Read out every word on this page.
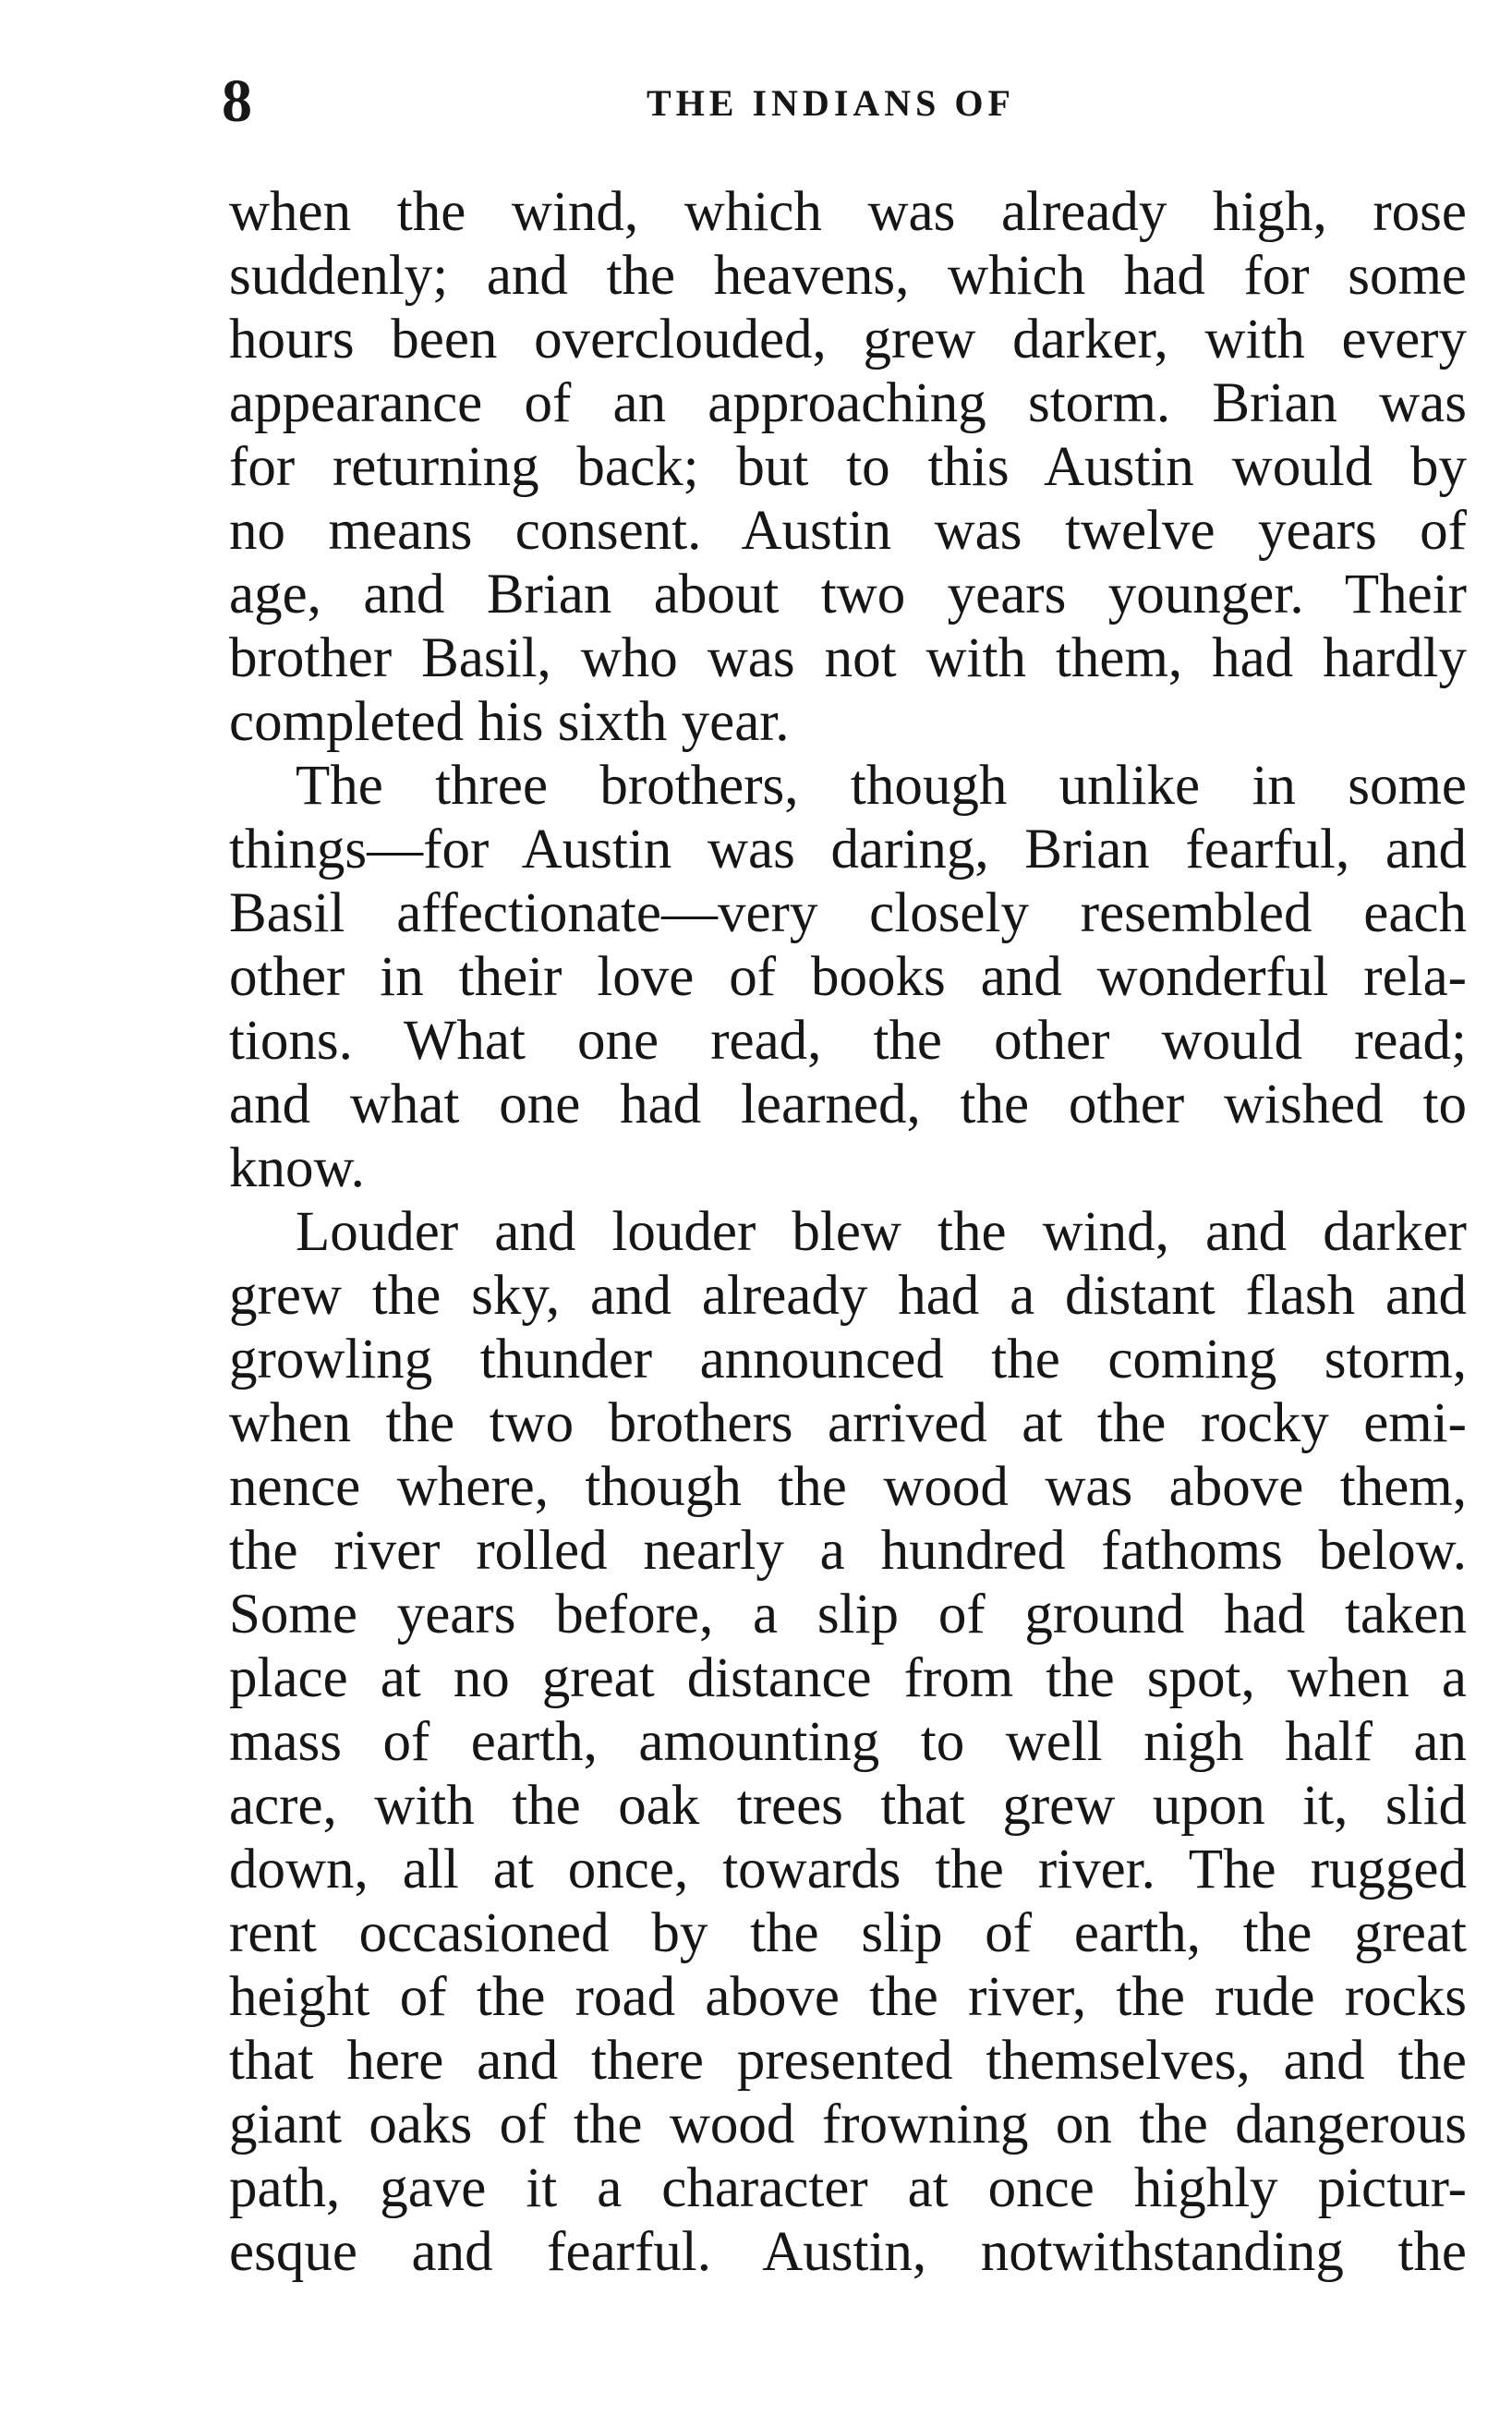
8	THE INDIANS OF
when the wind, which was already high, rose
suddenly; and the heavens, which had for some
hours been overclouded, grew darker, with every
appearance of an approaching storm. Brian was
for returning back; but to this Austin would by
no means consent. Austin was twelve years of
age, and Brian about two years younger. Their
brother Basil, who was not with them, had hardly
completed his sixth year.
The three brothers, though unlike in some
things—for Austin was daring, Brian fearful, and
Basil affectionate—very closely resembled each
other in their love of books and wonderful rela-
tions. What one read, the other would read;
and what one had learned, the other wished to
know.
Louder and louder blew the wind, and darker
grew the sky, and already had a distant flash and
growling thunder announced the coming storm,
when the two brothers arrived at the rocky emi-
nence where, though the wood was above them,
the river rolled nearly a hundred fathoms below.
Some years before, a slip of ground had taken
place at no great distance from the spot, when a
mass of earth, amounting to well nigh half an
acre, with the oak trees that grew upon it, slid
down, all at once, towards the river. The rugged
rent occasioned by the slip of earth, the great
height of the road above the river, the rude rocks
that here and there presented themselves, and the
giant oaks of the wood frowning on the dangerous
path, gave it a character at once highly pictur-
esque and fearful. Austin, notwithstanding the
